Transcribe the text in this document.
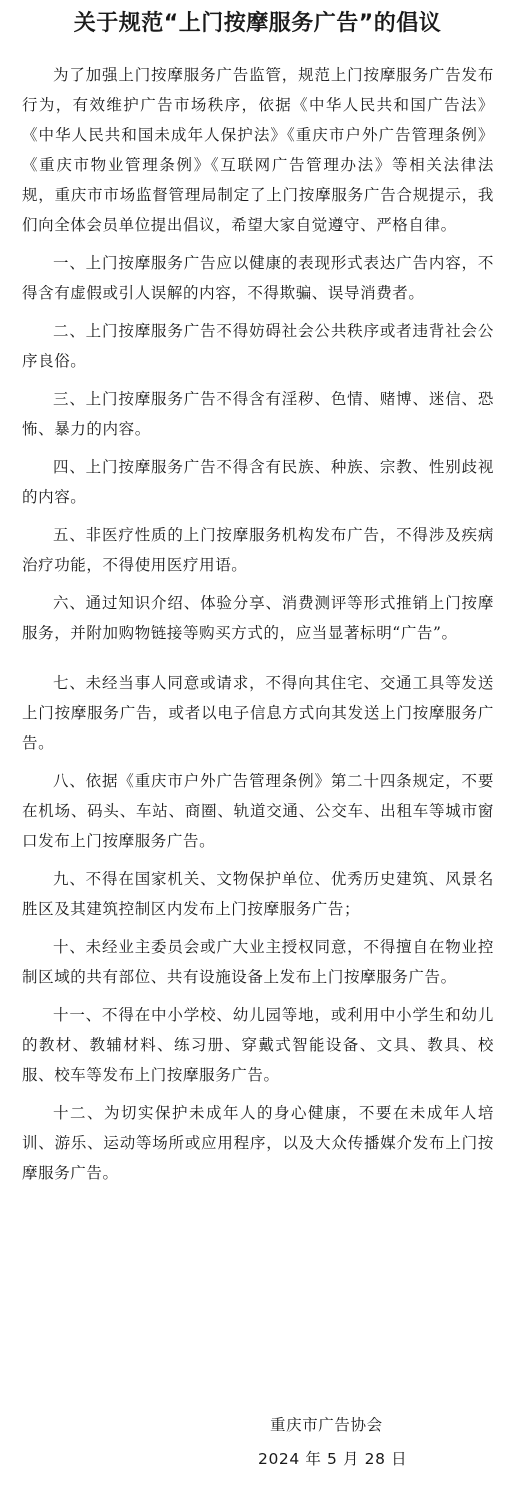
关于规范“上门按摩服务广告”的倡议

为了加强上门按摩服务广告监管，规范上门按摩服务广告发布行为，有效维护广告市场秩序，依据《中华人民共和国广告法》《中华人民共和国未成年人保护法》《重庆市户外广告管理条例》《重庆市物业管理条例》《互联网广告管理办法》等相关法律法规，重庆市市场监督管理局制定了上门按摩服务广告合规提示，我们向全体会员单位提出倡议，希望大家自觉遵守、严格自律。

一、上门按摩服务广告应以健康的表现形式表达广告内容，不得含有虚假或引人误解的内容，不得欺骗、误导消费者。

二、上门按摩服务广告不得妨碍社会公共秩序或者违背社会公序良俗。

三、上门按摩服务广告不得含有淫秽、色情、赌博、迷信、恐怖、暴力的内容。

四、上门按摩服务广告不得含有民族、种族、宗教、性别歧视的内容。

五、非医疗性质的上门按摩服务机构发布广告，不得涉及疾病治疗功能，不得使用医疗用语。

六、通过知识介绍、体验分享、消费测评等形式推销上门按摩服务，并附加购物链接等购买方式的，应当显著标明“广告”。

七、未经当事人同意或请求，不得向其住宅、交通工具等发送上门按摩服务广告，或者以电子信息方式向其发送上门按摩服务广告。

八、依据《重庆市户外广告管理条例》第二十四条规定，不要在机场、码头、车站、商圈、轨道交通、公交车、出租车等城市窗口发布上门按摩服务广告。

九、不得在国家机关、文物保护单位、优秀历史建筑、风景名胜区及其建筑控制区内发布上门按摩服务广告；

十、未经业主委员会或广大业主授权同意，不得擅自在物业控制区域的共有部位、共有设施设备上发布上门按摩服务广告。

十一、不得在中小学校、幼儿园等地，或利用中小学生和幼儿的教材、教辅材料、练习册、穿戴式智能设备、文具、教具、校服、校车等发布上门按摩服务广告。

十二、为切实保护未成年人的身心健康，不要在未成年人培训、游乐、运动等场所或应用程序，以及大众传播媒介发布上门按摩服务广告。

重庆市广告协会
2024 年 5 月 28 日
